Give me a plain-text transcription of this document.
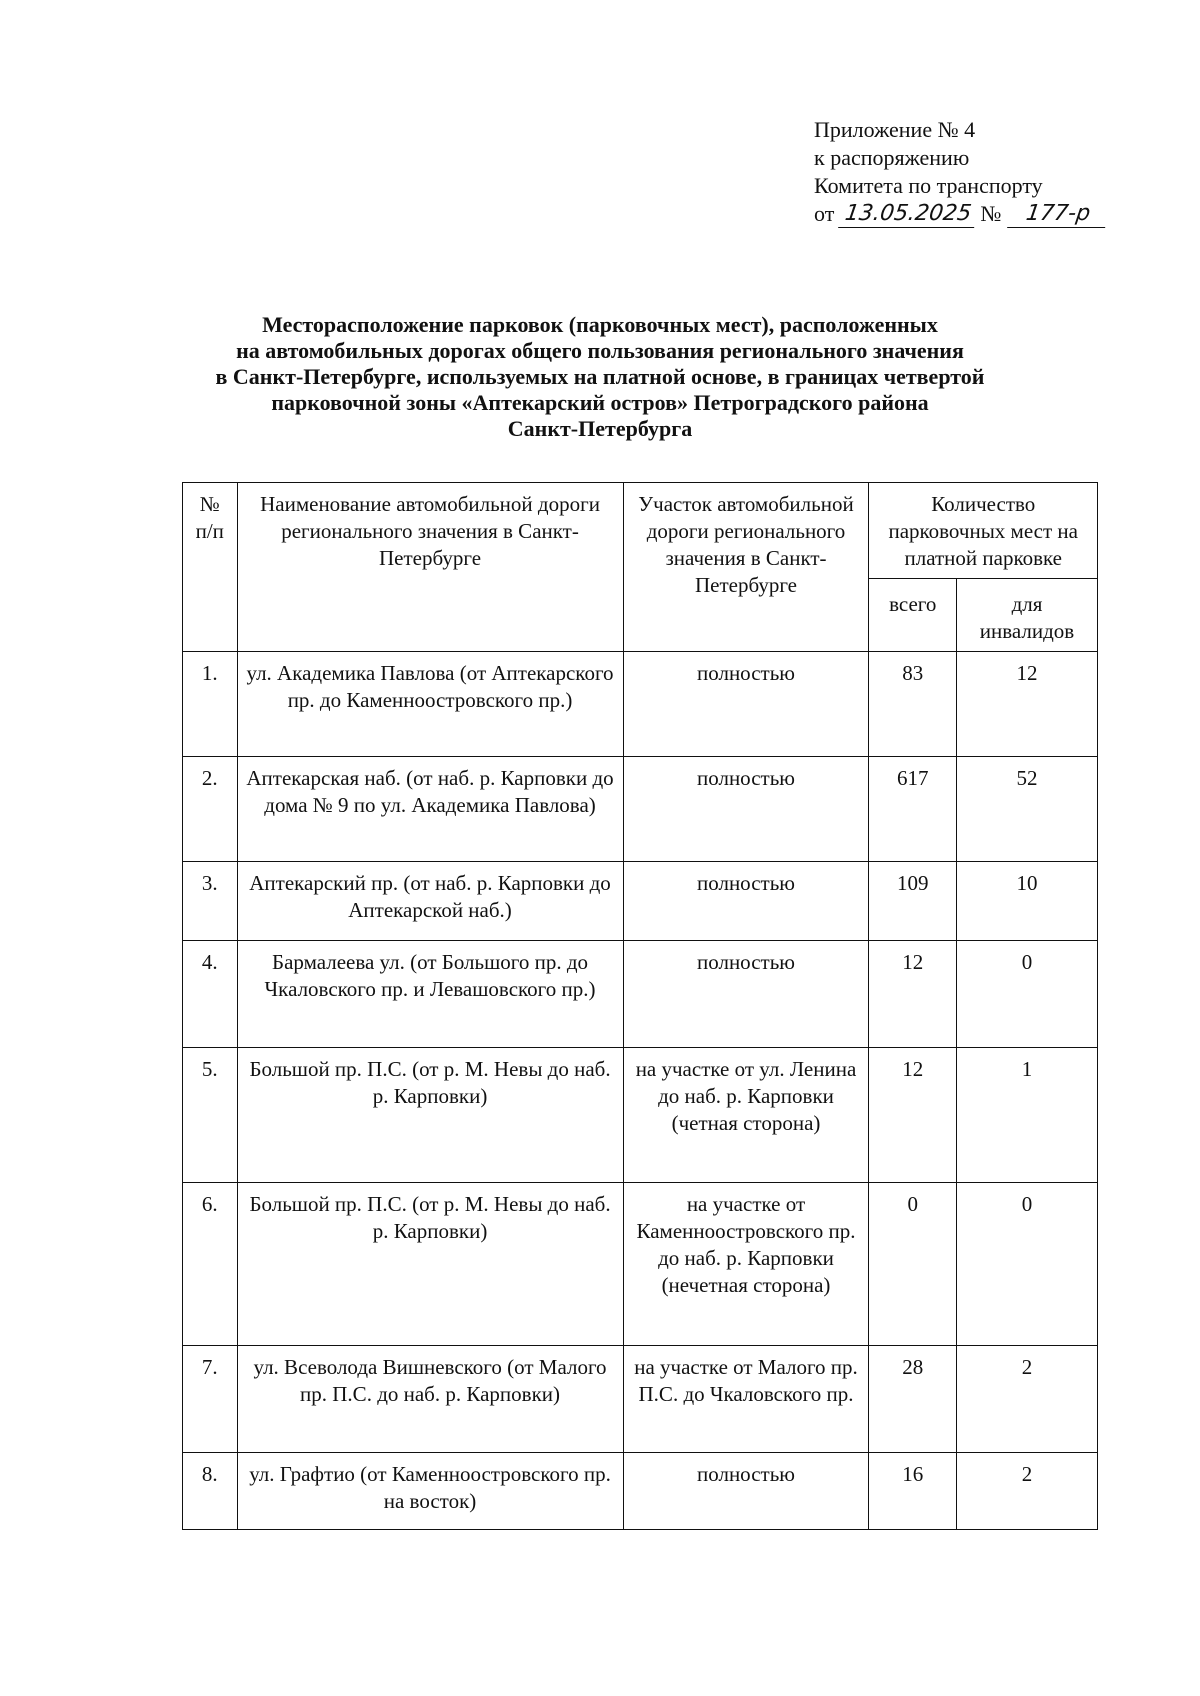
Приложение № 4
к распоряжению
Комитета по транспорту
от 13.05.2025 №	177-р
Месторасположение парковок (парковочных мест), расположенных
на автомобильных дорогах общего пользования регионального значения
в Санкт-Петербурге, используемых на платной основе, в границах четвертой
парковочной зоны «Аптекарский остров» Петроградского района
Санкт-Петербурга
№ п/п	Наименование автомобильной дороги регионального значения в Санкт-Петербурге	Участок автомобильной дороги регионального значения в Санкт-Петербурге	Количество парковочных мест на платной парковке	
			всего	для инвалидов
1.	ул. Академика Павлова (от Аптекарского пр. до Каменноостровского пр.)	полностью	83	12
2.	Аптекарская наб. (от наб. р. Карповки до дома № 9 по ул. Академика Павлова)	полностью	617	52
3.	Аптекарский пр. (от наб. р. Карповки до Аптекарской наб.)	полностью	109	10
4.	Бармалеева ул. (от Большого пр. до Чкаловского пр. и Левашовского пр.)	полностью	12	0
5.	Большой пр. П.С. (от р. М. Невы до наб. р. Карповки)	на участке от ул. Ленина до наб. р. Карповки (четная сторона)	12	1
6.	Большой пр. П.С. (от р. М. Невы до наб. р. Карповки)	на участке от Каменноостровского пр. до наб. р. Карповки (нечетная сторона)	0	0
7.	ул. Всеволода Вишневского (от Малого пр. П.С. до наб. р. Карповки)	на участке от Малого пр. П.С. до Чкаловского пр.	28	2
8.	ул. Графтио (от Каменноостровского пр. на восток)	полностью	16	2
